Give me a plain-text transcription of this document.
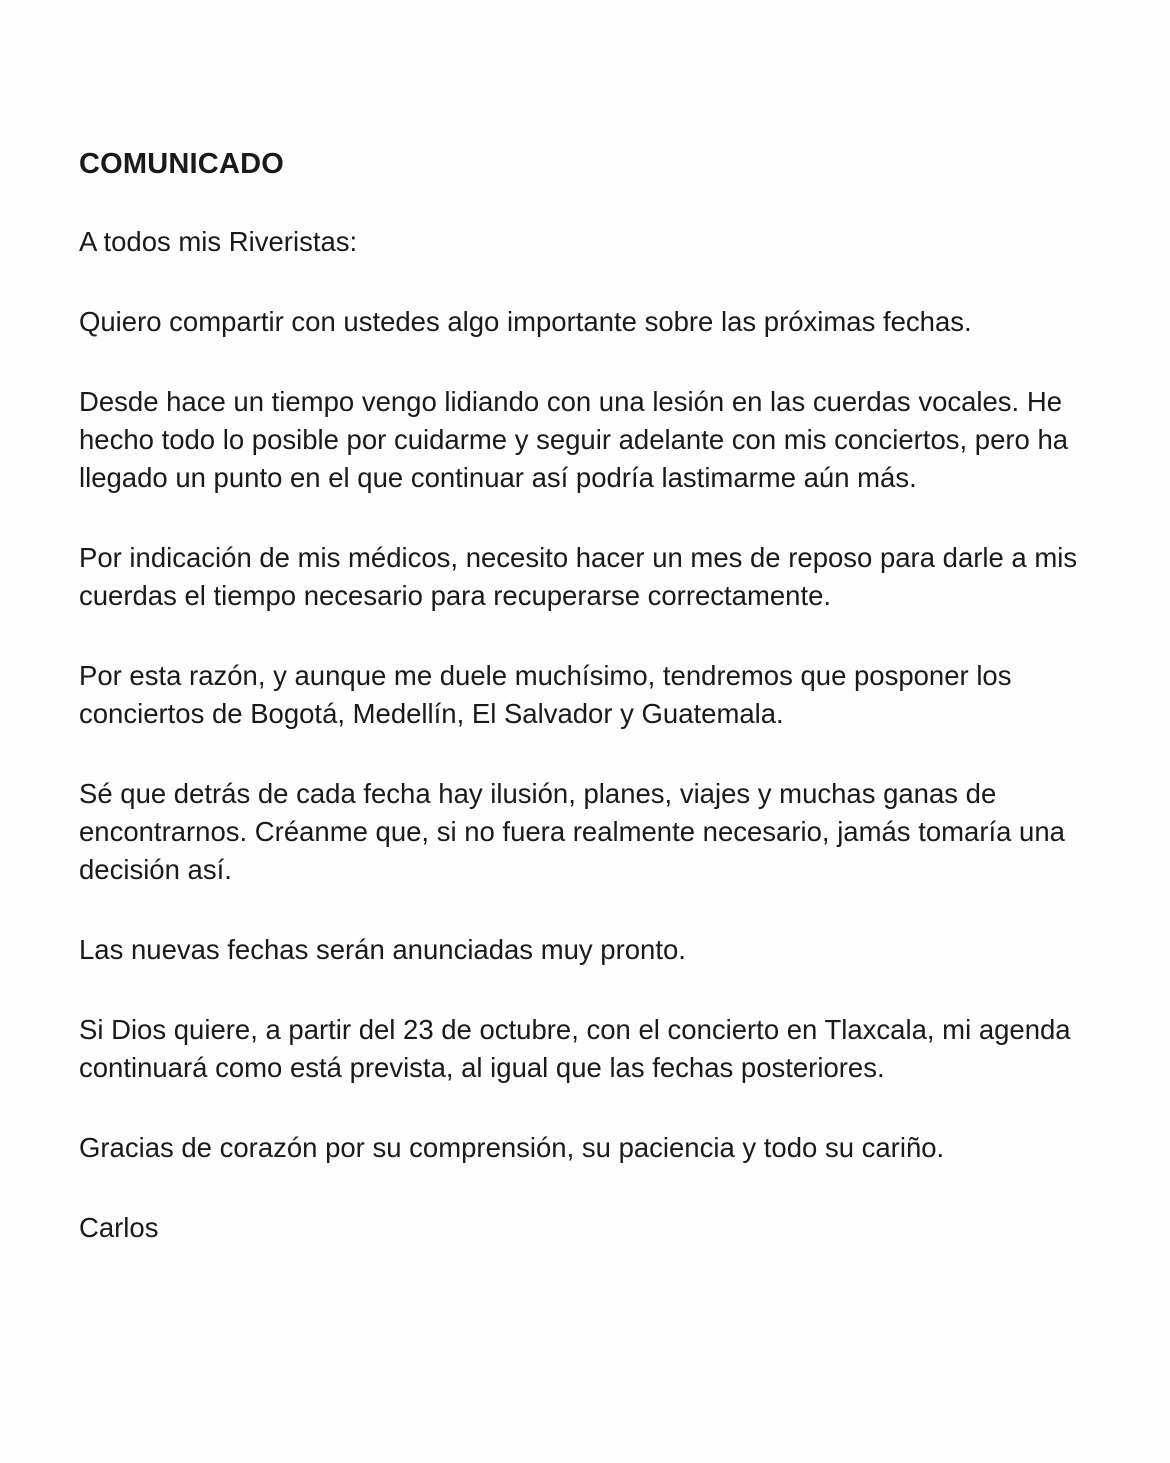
COMUNICADO
A todos mis Riveristas:
Quiero compartir con ustedes algo importante sobre las próximas fechas.
Desde hace un tiempo vengo lidiando con una lesión en las cuerdas vocales. He
hecho todo lo posible por cuidarme y seguir adelante con mis conciertos, pero ha
llegado un punto en el que continuar así podría lastimarme aún más.
Por indicación de mis médicos, necesito hacer un mes de reposo para darle a mis
cuerdas el tiempo necesario para recuperarse correctamente.
Por esta razón, y aunque me duele muchísimo, tendremos que posponer los
conciertos de Bogotá, Medellín, El Salvador y Guatemala.
Sé que detrás de cada fecha hay ilusión, planes, viajes y muchas ganas de
encontrarnos. Créanme que, si no fuera realmente necesario, jamás tomaría una
decisión así.
Las nuevas fechas serán anunciadas muy pronto.
Si Dios quiere, a partir del 23 de octubre, con el concierto en Tlaxcala, mi agenda
continuará como está prevista, al igual que las fechas posteriores.
Gracias de corazón por su comprensión, su paciencia y todo su cariño.
Carlos
